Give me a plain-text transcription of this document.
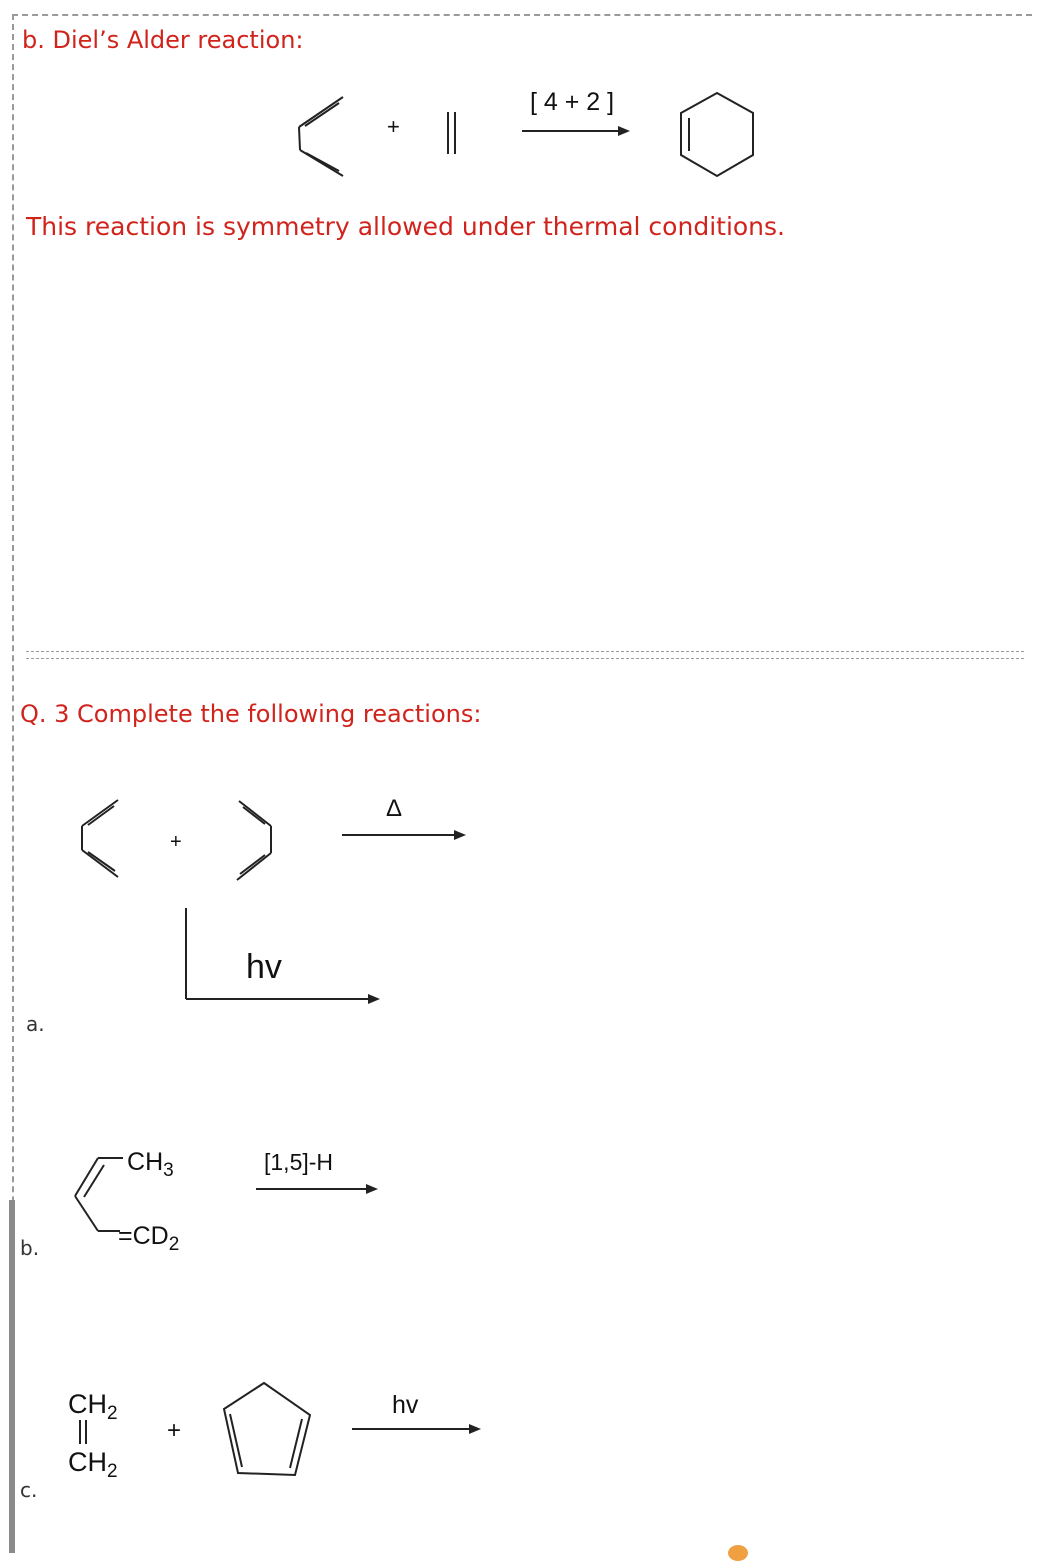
b. Diel’s Alder reaction:
+
[ 4 + 2 ]
This reaction is symmetry allowed under thermal conditions.
Q. 3 Complete the following reactions:
+
Δ
hv
$CH_3$
$=CD_2$
[1,5]-H
$CH_2$
$CH_2$
+
hv
a.
b.
c.
